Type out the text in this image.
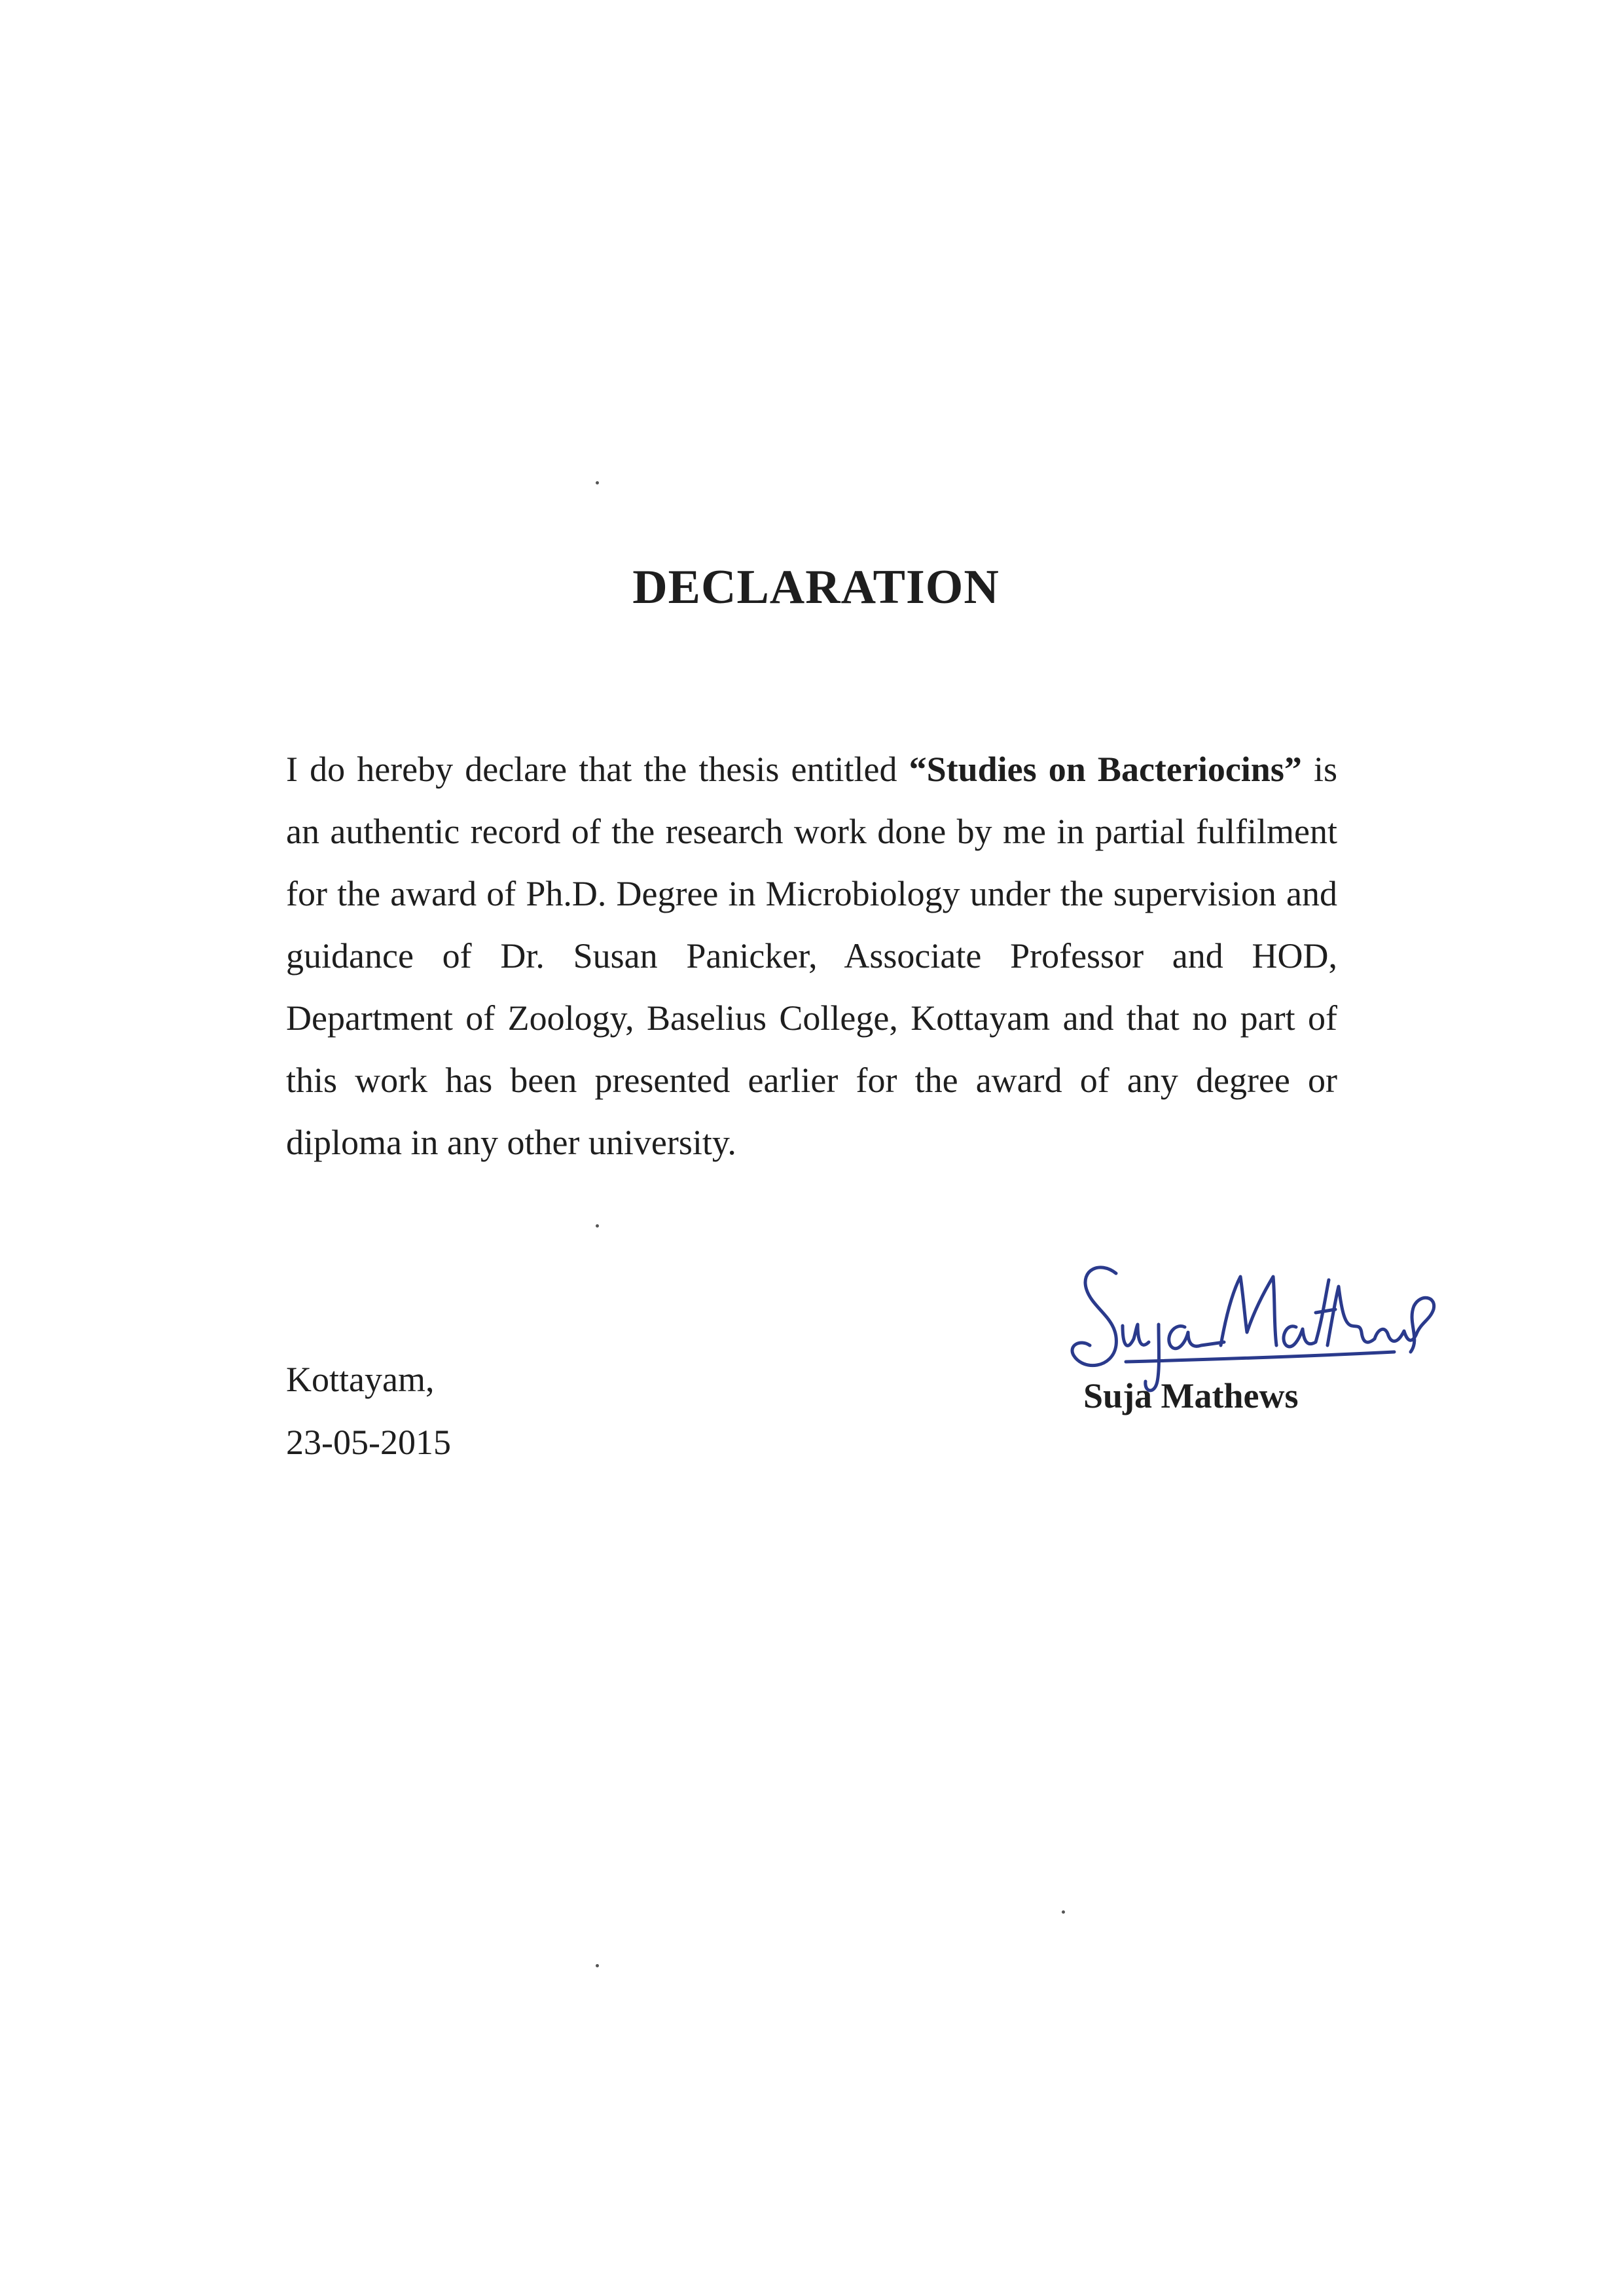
DECLARATION

I do hereby declare that the thesis entitled “Studies on Bacteriocins” is an authentic record of the research work done by me in partial fulfilment for the award of Ph.D. Degree in Microbiology under the supervision and guidance of Dr. Susan Panicker, Associate Professor and HOD, Department of Zoology, Baselius College, Kottayam and that no part of this work has been presented earlier for the award of any degree or diploma in any other university.

Kottayam,
23-05-2015
Suja Mathews
